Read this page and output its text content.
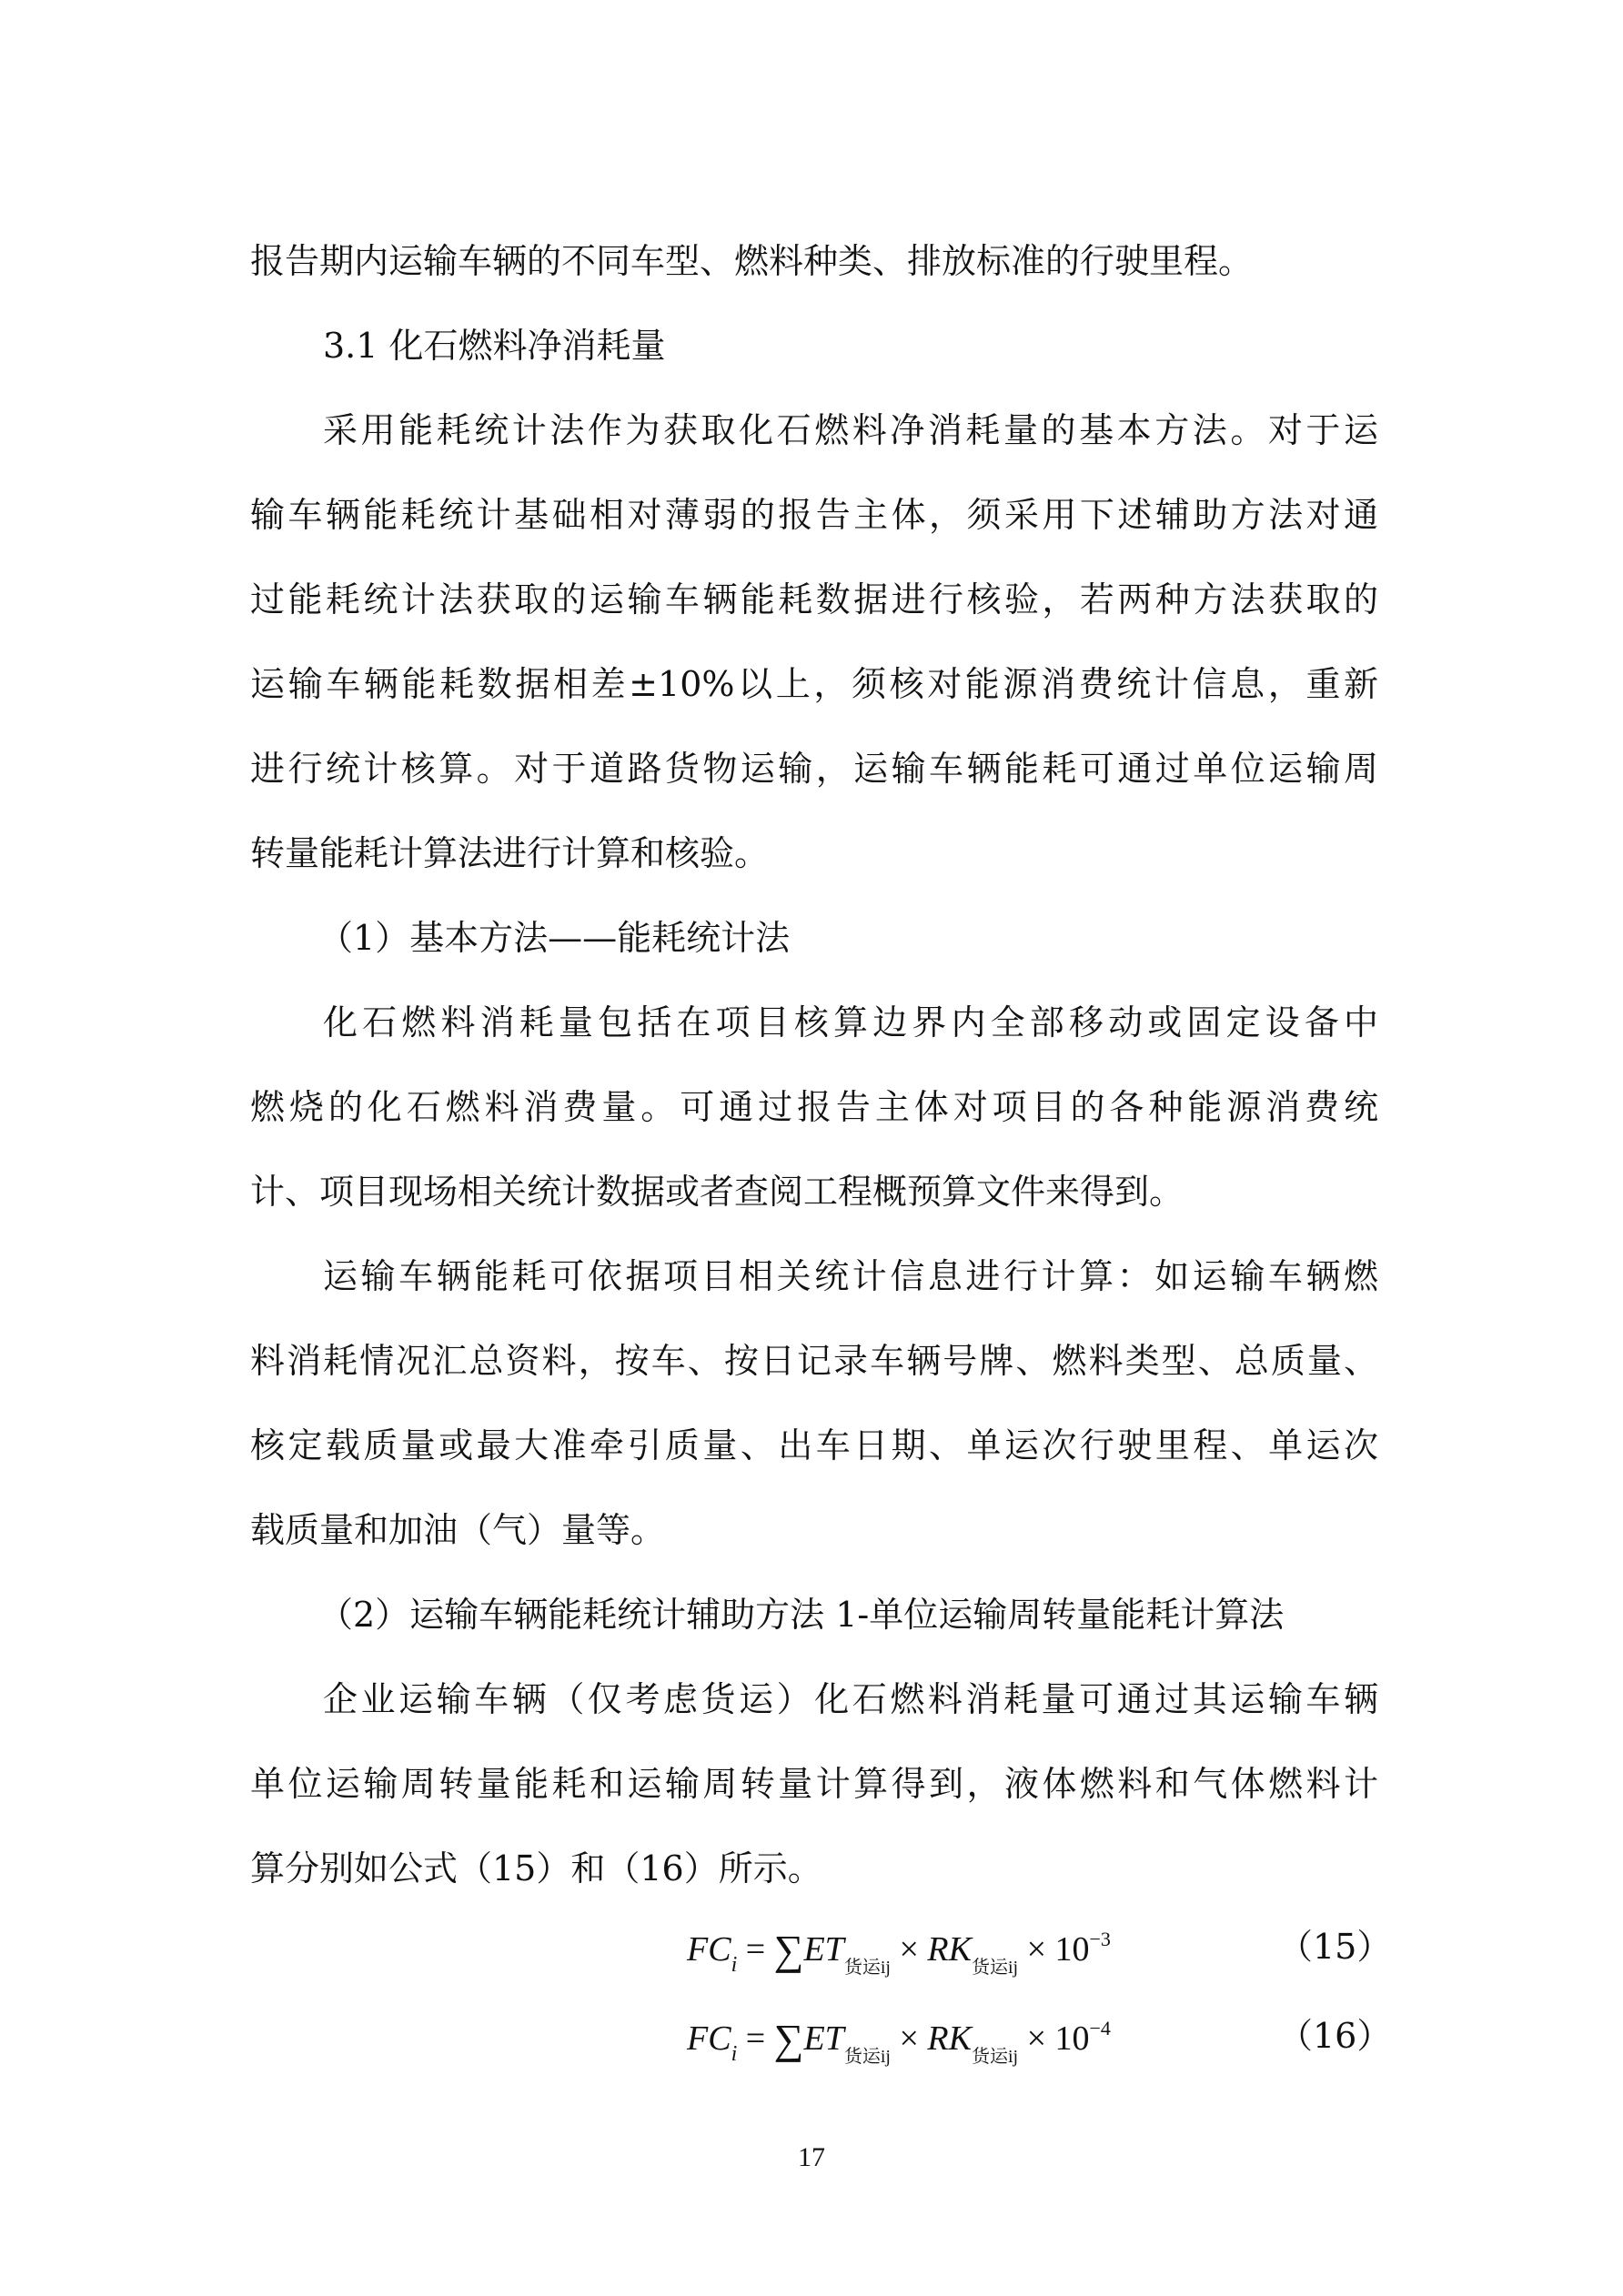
报告期内运输车辆的不同车型、燃料种类、排放标准的行驶里程。
3.1 化石燃料净消耗量
采用能耗统计法作为获取化石燃料净消耗量的基本方法。对于运
输车辆能耗统计基础相对薄弱的报告主体，须采用下述辅助方法对通
过能耗统计法获取的运输车辆能耗数据进行核验，若两种方法获取的
运输车辆能耗数据相差±10%以上，须核对能源消费统计信息，重新
进行统计核算。对于道路货物运输，运输车辆能耗可通过单位运输周
转量能耗计算法进行计算和核验。
（1）基本方法——能耗统计法
化石燃料消耗量包括在项目核算边界内全部移动或固定设备中
燃烧的化石燃料消费量。可通过报告主体对项目的各种能源消费统
计、项目现场相关统计数据或者查阅工程概预算文件来得到。
运输车辆能耗可依据项目相关统计信息进行计算：如运输车辆燃
料消耗情况汇总资料，按车、按日记录车辆号牌、燃料类型、总质量、
核定载质量或最大准牵引质量、出车日期、单运次行驶里程、单运次
载质量和加油（气）量等。
（2）运输车辆能耗统计辅助方法 1-单位运输周转量能耗计算法
企业运输车辆（仅考虑货运）化石燃料消耗量可通过其运输车辆
单位运输周转量能耗和运输周转量计算得到，液体燃料和气体燃料计
算分别如公式（15）和（16）所示。
$FC_i = \sum ET_{货运ij} \times RK_{货运ij} \times 10^{-3}$	（15）
$FC_i = \sum ET_{货运ij} \times RK_{货运ij} \times 10^{-4}$	（16）
17
